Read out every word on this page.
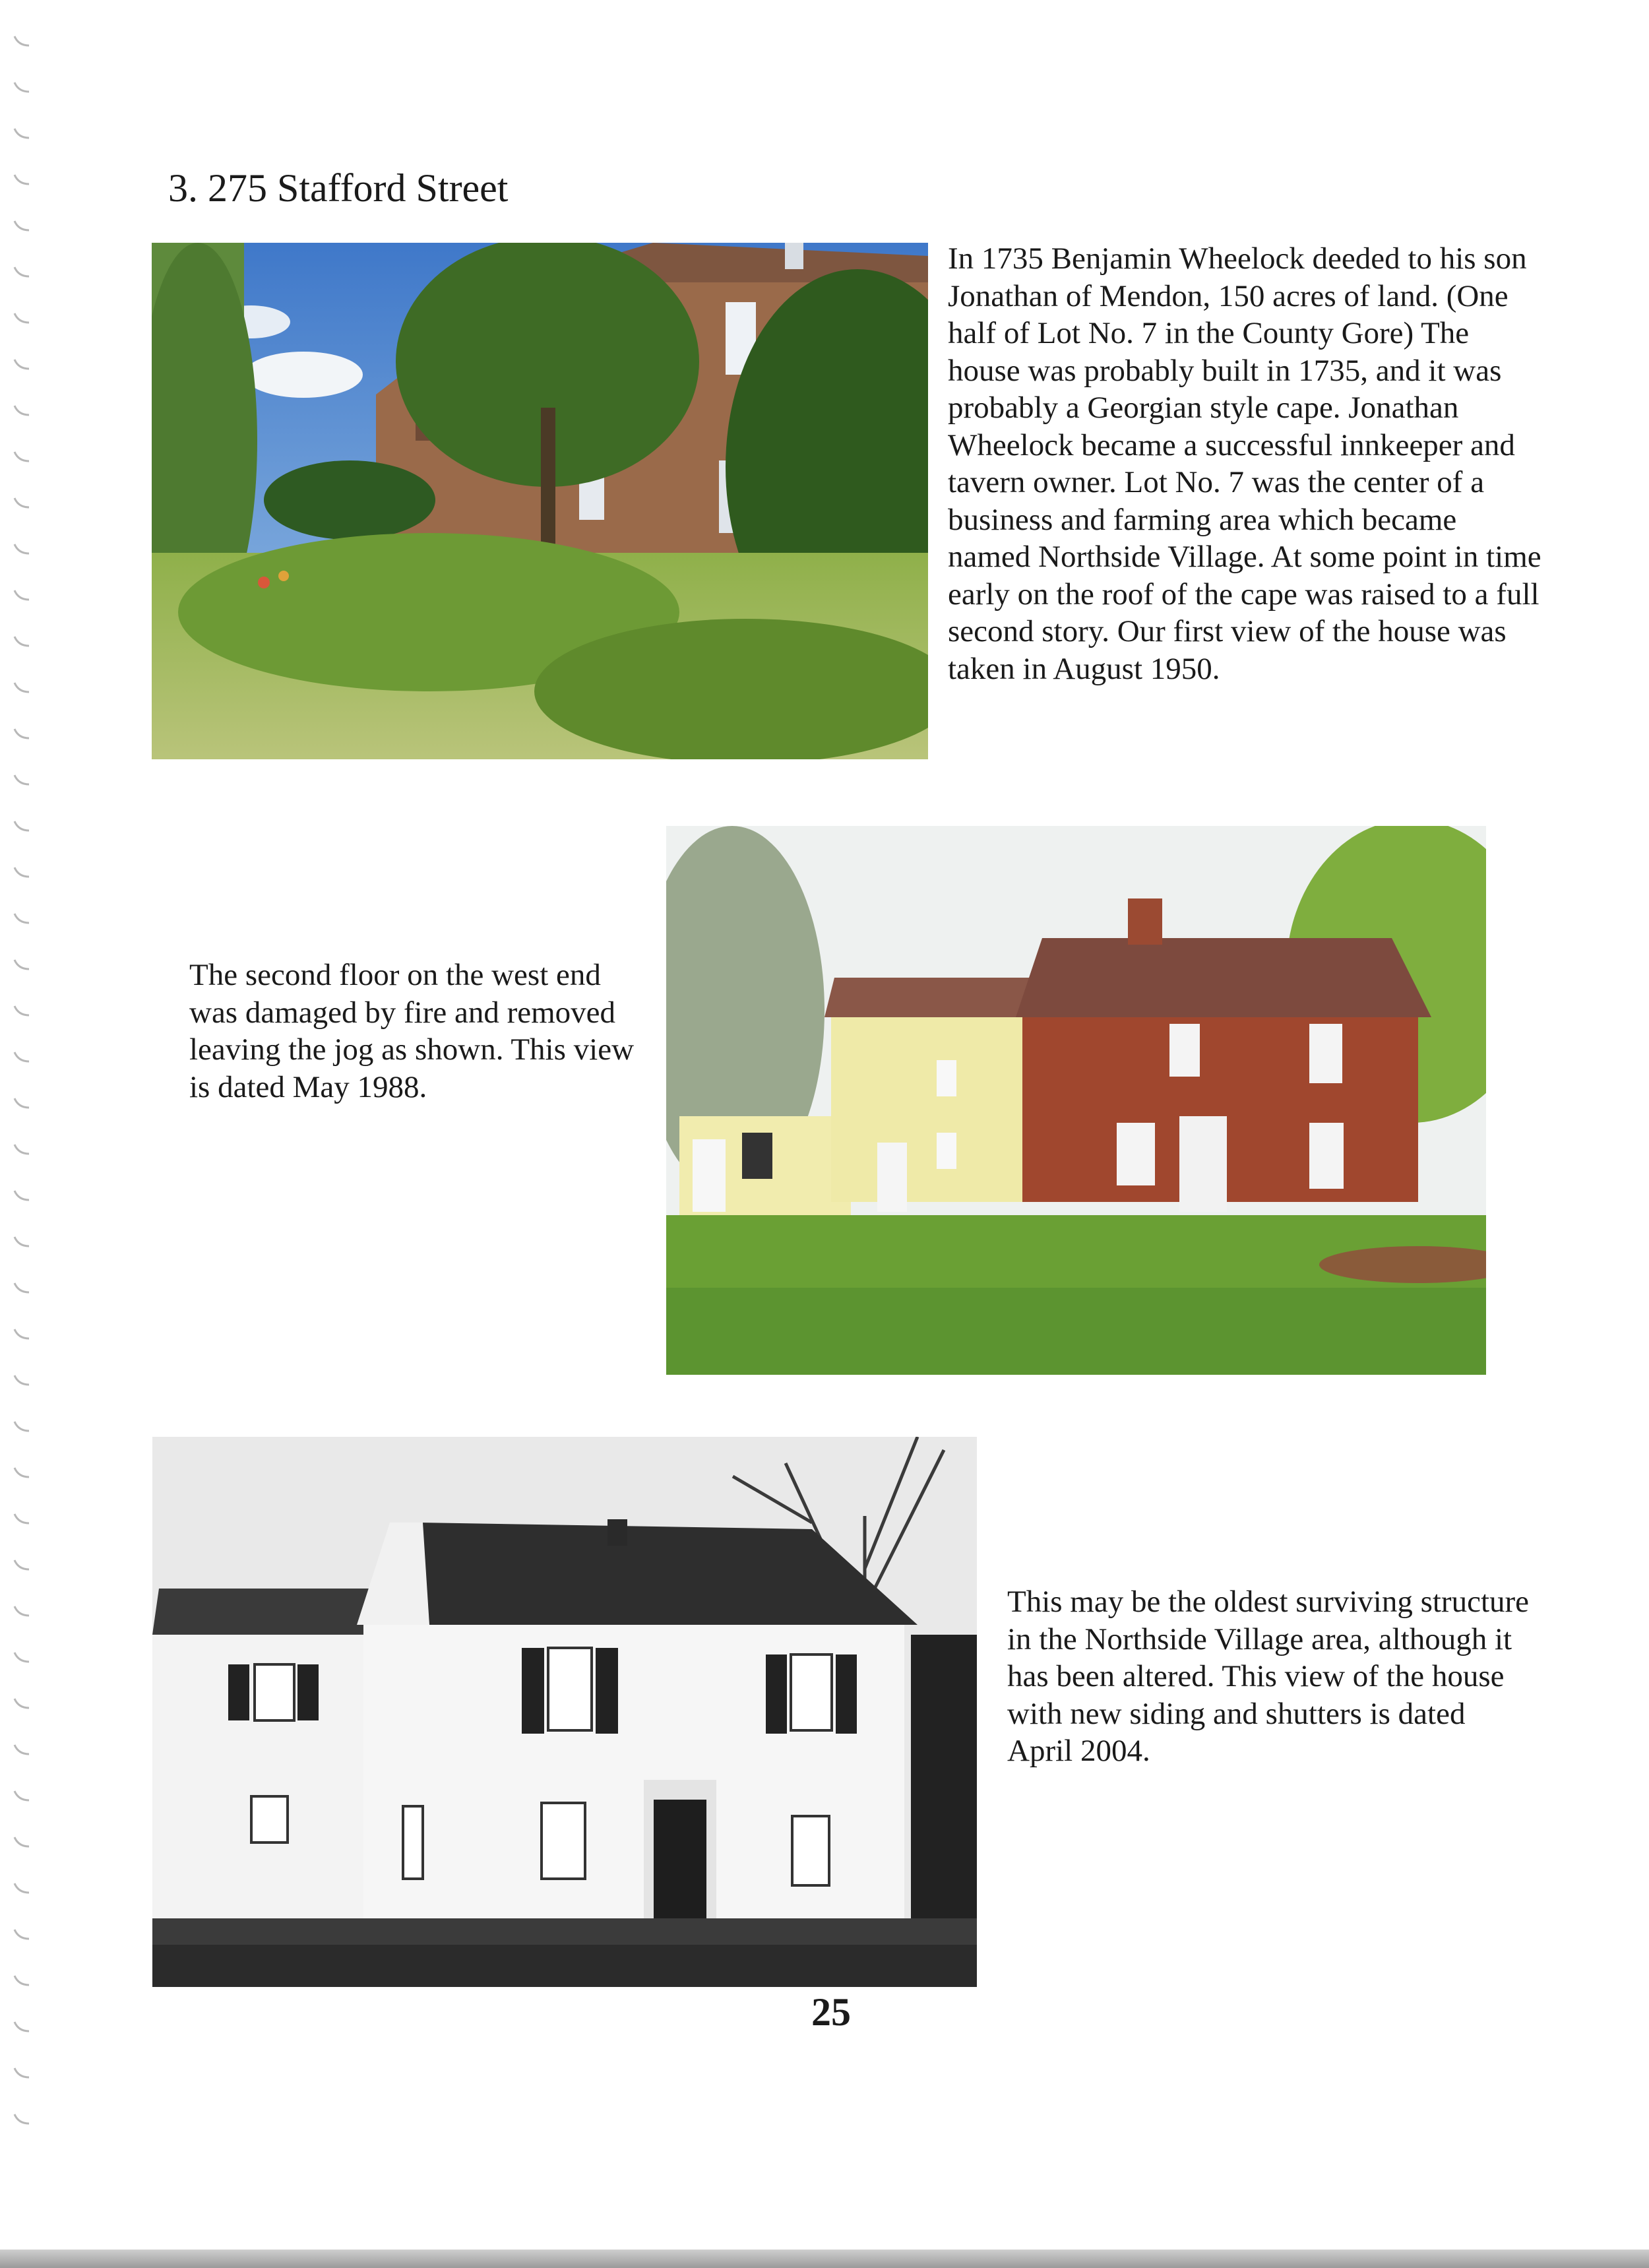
3. 275 Stafford Street

In 1735 Benjamin Wheelock deeded to his son Jonathan of Mendon, 150 acres of land. (One half of Lot No. 7 in the County Gore) The house was probably built in 1735, and it was probably a Georgian style cape. Jonathan Wheelock became a successful innkeeper and tavern owner. Lot No. 7 was the center of a business and farming area which became named Northside Village. At some point in time early on the roof of the cape was raised to a full second story. Our first view of the house was taken in August 1950.

The second floor on the west end was damaged by fire and removed leaving the jog as shown. This view is dated May 1988.

This may be the oldest surviving structure in the Northside Village area, although it has been altered. This view of the house with new siding and shutters is dated April 2004.

25
